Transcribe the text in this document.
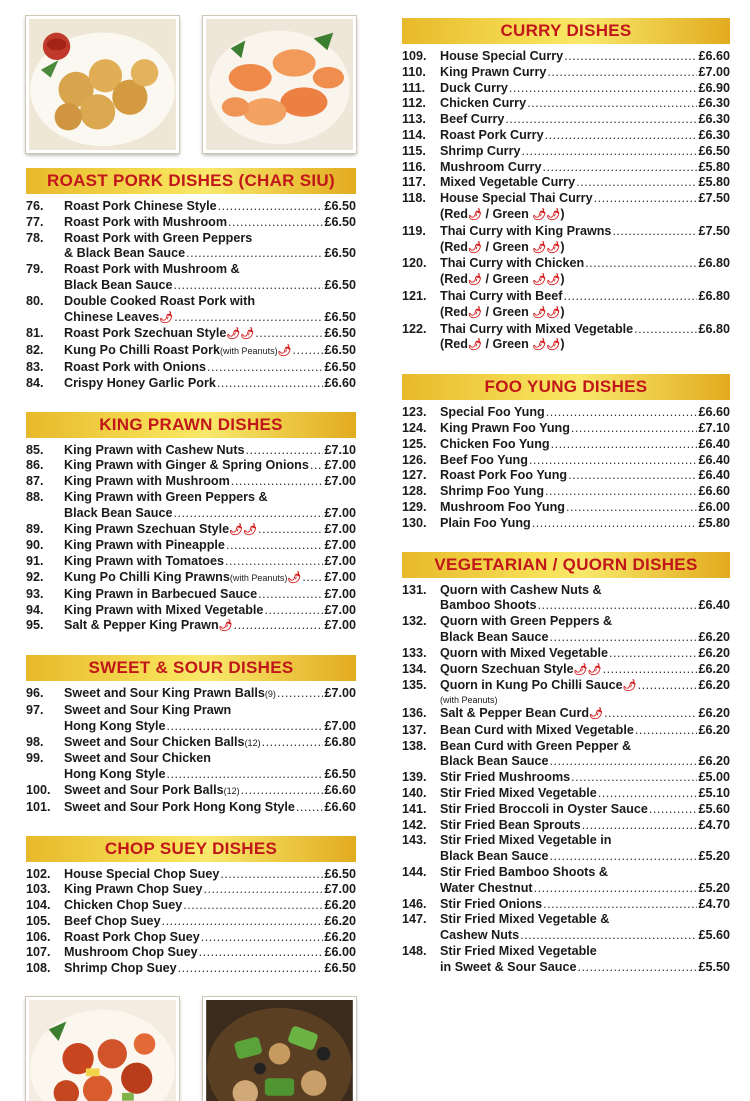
ROAST PORK DISHES (CHAR SIU)
76.	Roast Pork Chinese Style .....	£6.50
77.	Roast Pork with Mushroom .....	£6.50
78.	Roast Pork with Green Peppers
& Black Bean Sauce .....	£6.50
79.	Roast Pork with Mushroom &
Black Bean Sauce .....	£6.50
80.	Double Cooked Roast Pork with
Chinese Leaves 🌶 .....	£6.50
81.	Roast Pork Szechuan Style 🌶🌶 .....	£6.50
82.	Kung Po Chilli Roast Pork (with Peanuts) 🌶 .....	£6.50
83.	Roast Pork with Onions .....	£6.50
84.	Crispy Honey Garlic Pork .....	£6.60
KING PRAWN DISHES
85.	King Prawn with Cashew Nuts .....	£7.10
86.	King Prawn with Ginger & Spring Onions ..... £7.00
87.	King Prawn with Mushroom .....	£7.00
88.	King Prawn with Green Peppers &
Black Bean Sauce .....	£7.00
89.	King Prawn Szechuan Style 🌶🌶 .....	£7.00
90.	King Prawn with Pineapple .....	£7.00
91.	King Prawn with Tomatoes .....	£7.00
92.	Kung Po Chilli King Prawns (with Peanuts) 🌶 ..... £7.00
93.	King Prawn in Barbecued Sauce .....	£7.00
94.	King Prawn with Mixed Vegetable .....	£7.00
95.	Salt & Pepper King Prawn 🌶 .....	£7.00
SWEET & SOUR DISHES
96.	Sweet and Sour King Prawn Balls (9) .....	£7.00
97.	Sweet and Sour King Prawn
Hong Kong Style .....	£7.00
98.	Sweet and Sour Chicken Balls (12) .....	£6.80
99.	Sweet and Sour Chicken
Hong Kong Style .....	£6.50
100.	Sweet and Sour Pork Balls (12) .....	£6.60
101.	Sweet and Sour Pork Hong Kong Style ..... £6.60
CHOP SUEY DISHES
102.	House Special Chop Suey .....	£6.50
103.	King Prawn Chop Suey .....	£7.00
104.	Chicken Chop Suey .....	£6.20
105.	Beef Chop Suey .....	£6.20
106.	Roast Pork Chop Suey .....	£6.20
107.	Mushroom Chop Suey .....	£6.00
108.	Shrimp Chop Suey .....	£6.50
CURRY DISHES
109.	House Special Curry .....	£6.60
110.	King Prawn Curry .....	£7.00
111.	Duck Curry .....	£6.90
112.	Chicken Curry .....	£6.30
113.	Beef Curry .....	£6.30
114.	Roast Pork Curry .....	£6.30
115.	Shrimp Curry .....	£6.50
116.	Mushroom Curry .....	£5.80
117.	Mixed Vegetable Curry .....	£5.80
118.	House Special Thai Curry .....	£7.50
(Red🌶 / Green 🌶🌶)
119.	Thai Curry with King Prawns .....	£7.50
(Red🌶 / Green 🌶🌶)
120.	Thai Curry with Chicken .....	£6.80
(Red🌶 / Green 🌶🌶)
121.	Thai Curry with Beef .....	£6.80
(Red🌶 / Green 🌶🌶)
122.	Thai Curry with Mixed Vegetable .....	£6.80
(Red🌶 / Green 🌶🌶)
FOO YUNG DISHES
123.	Special Foo Yung .....	£6.60
124.	King Prawn Foo Yung .....	£7.10
125.	Chicken Foo Yung .....	£6.40
126.	Beef Foo Yung .....	£6.40
127.	Roast Pork Foo Yung .....	£6.40
128.	Shrimp Foo Yung .....	£6.60
129.	Mushroom Foo Yung .....	£6.00
130.	Plain Foo Yung .....	£5.80
VEGETARIAN / QUORN DISHES
131.	Quorn with Cashew Nuts &
Bamboo Shoots .....	£6.40
132.	Quorn with Green Peppers &
Black Bean Sauce .....	£6.20
133.	Quorn with Mixed Vegetable .....	£6.20
134.	Quorn Szechuan Style 🌶🌶 .....	£6.20
135.	Quorn in Kung Po Chilli Sauce 🌶 .....	£6.20
(with Peanuts)
136.	Salt & Pepper Bean Curd 🌶 .....	£6.20
137.	Bean Curd with Mixed Vegetable .....	£6.20
138.	Bean Curd with Green Pepper &
Black Bean Sauce .....	£6.20
139.	Stir Fried Mushrooms .....	£5.00
140.	Stir Fried Mixed Vegetable .....	£5.10
141.	Stir Fried Broccoli in Oyster Sauce .....	£5.60
142.	Stir Fried Bean Sprouts .....	£4.70
143.	Stir Fried Mixed Vegetable in
Black Bean Sauce .....	£5.20
144.	Stir Fried Bamboo Shoots &
Water Chestnut .....	£5.20
146.	Stir Fried Onions .....	£4.70
147.	Stir Fried Mixed Vegetable &
Cashew Nuts .....	£5.60
148.	Stir Fried Mixed Vegetable
in Sweet & Sour Sauce .....	£5.50
